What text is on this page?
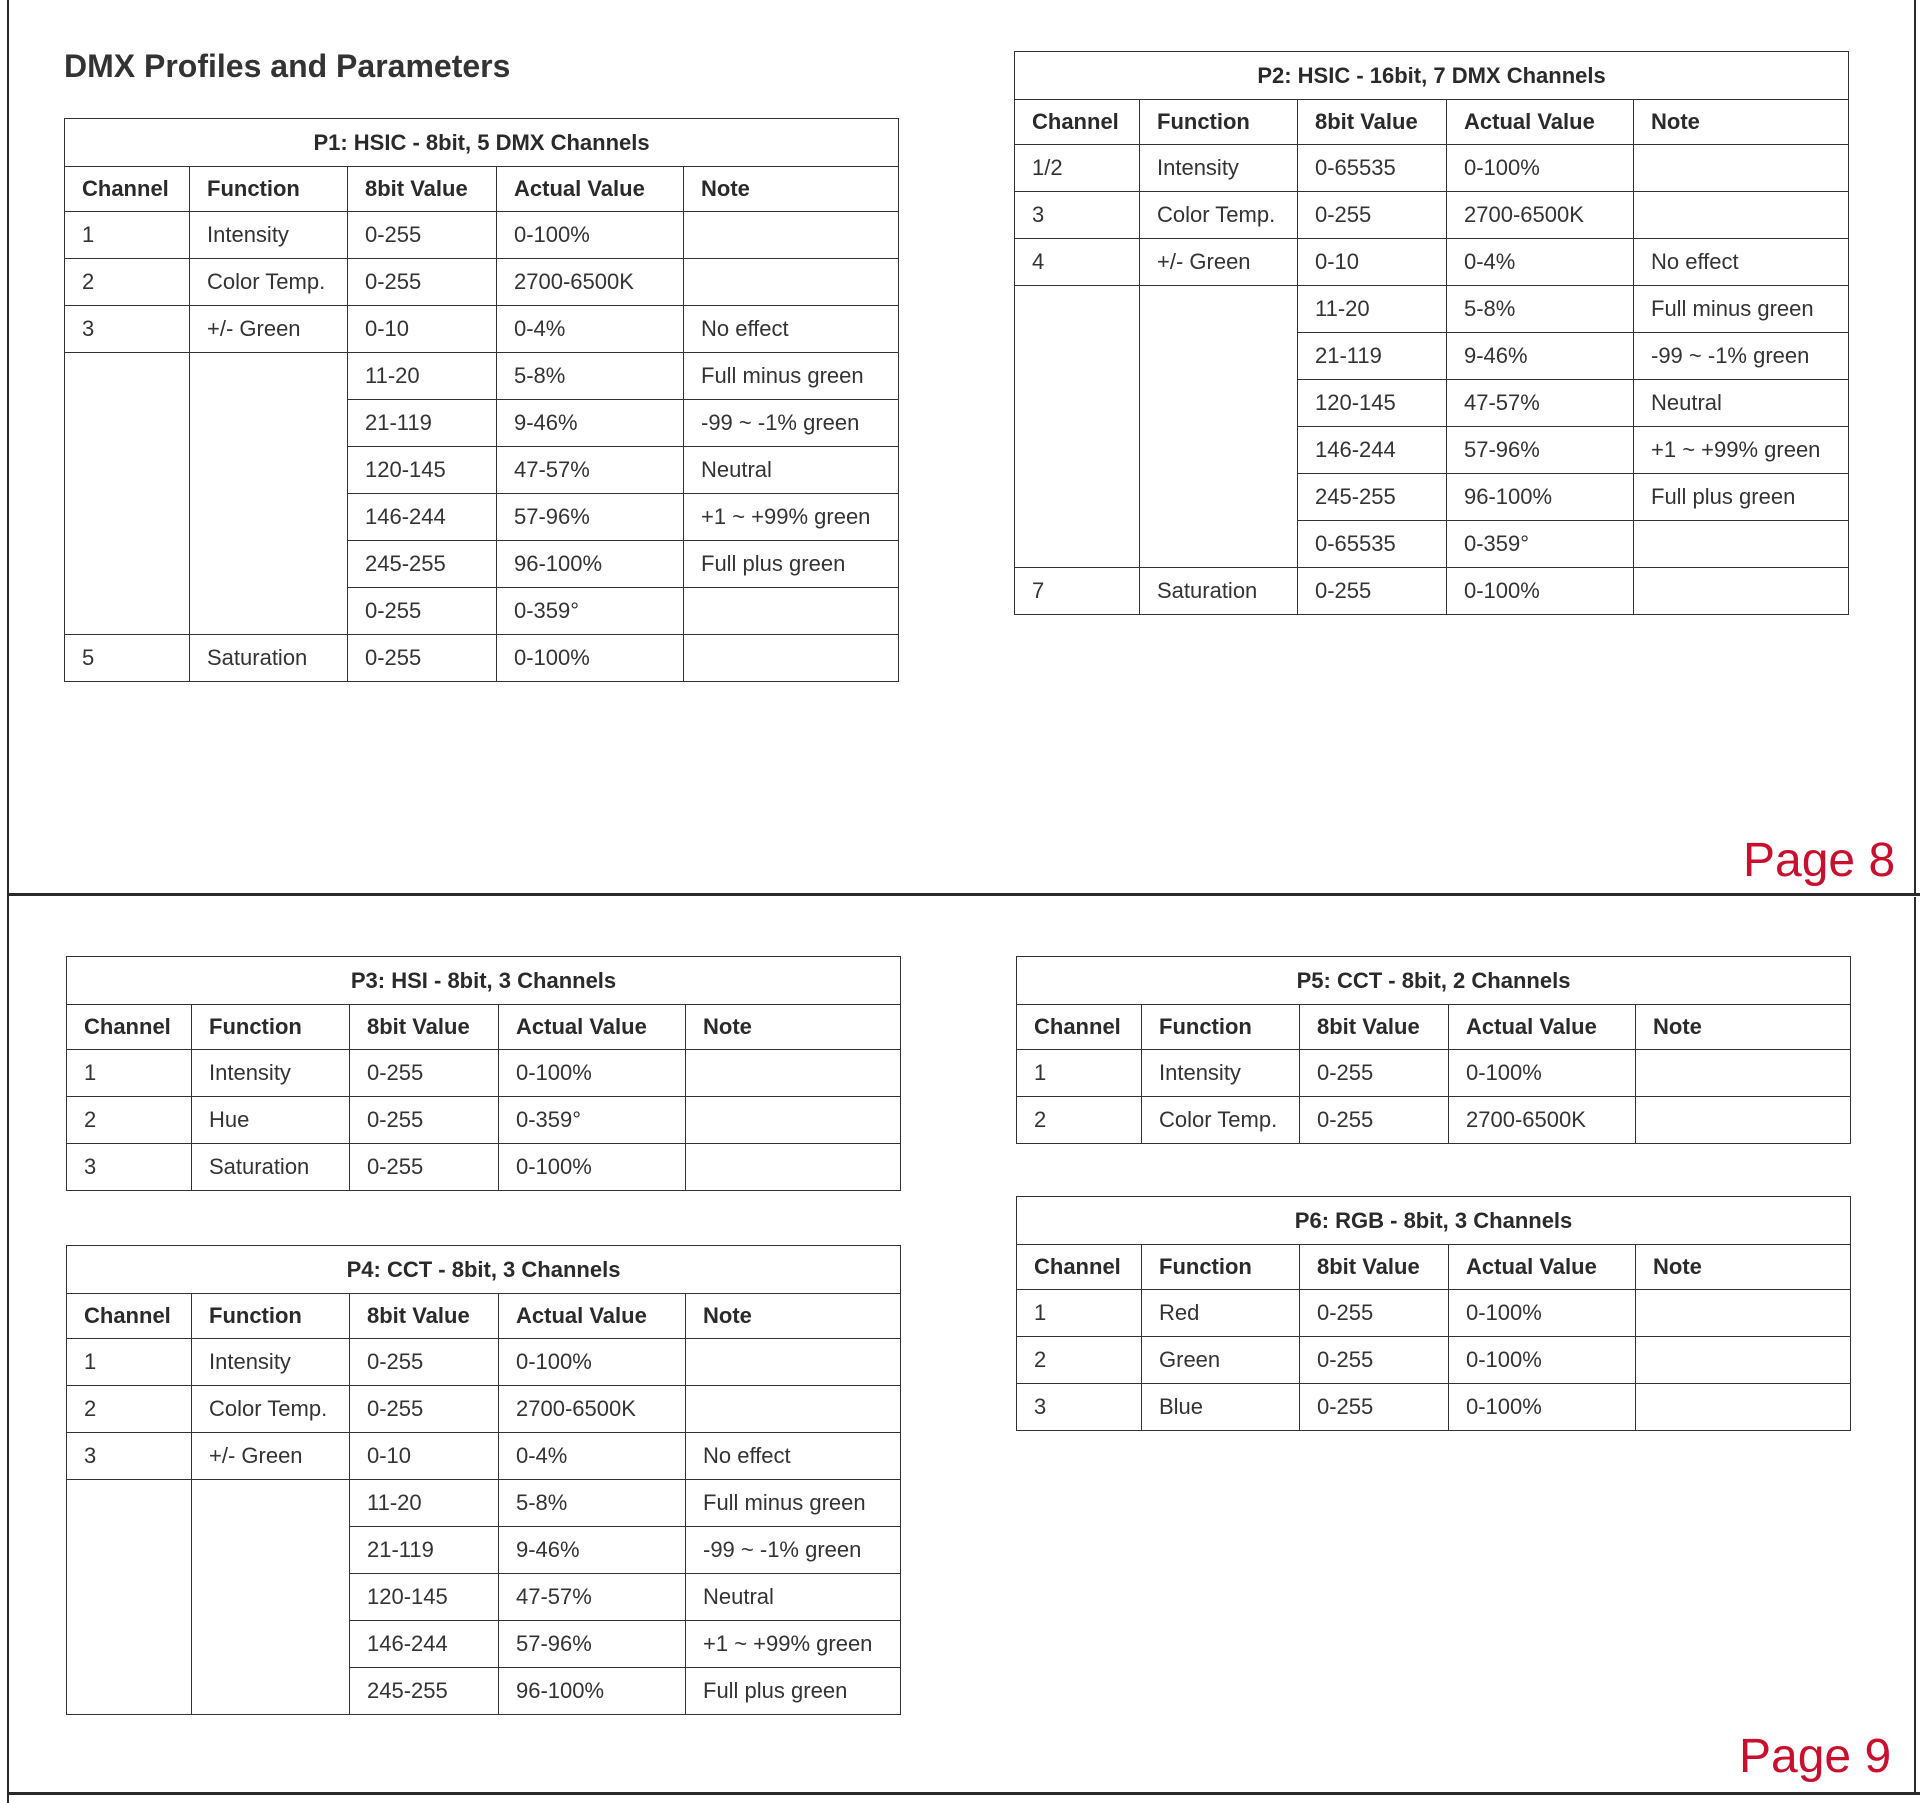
DMX Profiles and Parameters
Page 8
Page 9
P1: HSIC - 8bit, 5 DMX Channels				
Channel	Function	8bit Value	Actual Value	Note
1	Intensity	0-255	0-100%	
2	Color Temp.	0-255	2700-6500K	
3	+/- Green	0-10	0-4%	No effect
		11-20	5-8%	Full minus green
		21-119	9-46%	-99 ~ -1% green
		120-145	47-57%	Neutral
		146-244	57-96%	+1 ~ +99% green
		245-255	96-100%	Full plus green
		0-255	0-359°	
5	Saturation	0-255	0-100%	
P2: HSIC - 16bit, 7 DMX Channels				
Channel	Function	8bit Value	Actual Value	Note
1/2	Intensity	0-65535	0-100%	
3	Color Temp.	0-255	2700-6500K	
4	+/- Green	0-10	0-4%	No effect
		11-20	5-8%	Full minus green
		21-119	9-46%	-99 ~ -1% green
		120-145	47-57%	Neutral
		146-244	57-96%	+1 ~ +99% green
		245-255	96-100%	Full plus green
		0-65535	0-359°	
7	Saturation	0-255	0-100%	
P3: HSI - 8bit, 3 Channels				
Channel	Function	8bit Value	Actual Value	Note
1	Intensity	0-255	0-100%	
2	Hue	0-255	0-359°	
3	Saturation	0-255	0-100%	
P4: CCT - 8bit, 3 Channels				
Channel	Function	8bit Value	Actual Value	Note
1	Intensity	0-255	0-100%	
2	Color Temp.	0-255	2700-6500K	
3	+/- Green	0-10	0-4%	No effect
		11-20	5-8%	Full minus green
		21-119	9-46%	-99 ~ -1% green
		120-145	47-57%	Neutral
		146-244	57-96%	+1 ~ +99% green
		245-255	96-100%	Full plus green
P5: CCT - 8bit, 2 Channels				
Channel	Function	8bit Value	Actual Value	Note
1	Intensity	0-255	0-100%	
2	Color Temp.	0-255	2700-6500K	
P6: RGB - 8bit, 3 Channels				
Channel	Function	8bit Value	Actual Value	Note
1	Red	0-255	0-100%	
2	Green	0-255	0-100%	
3	Blue	0-255	0-100%	
